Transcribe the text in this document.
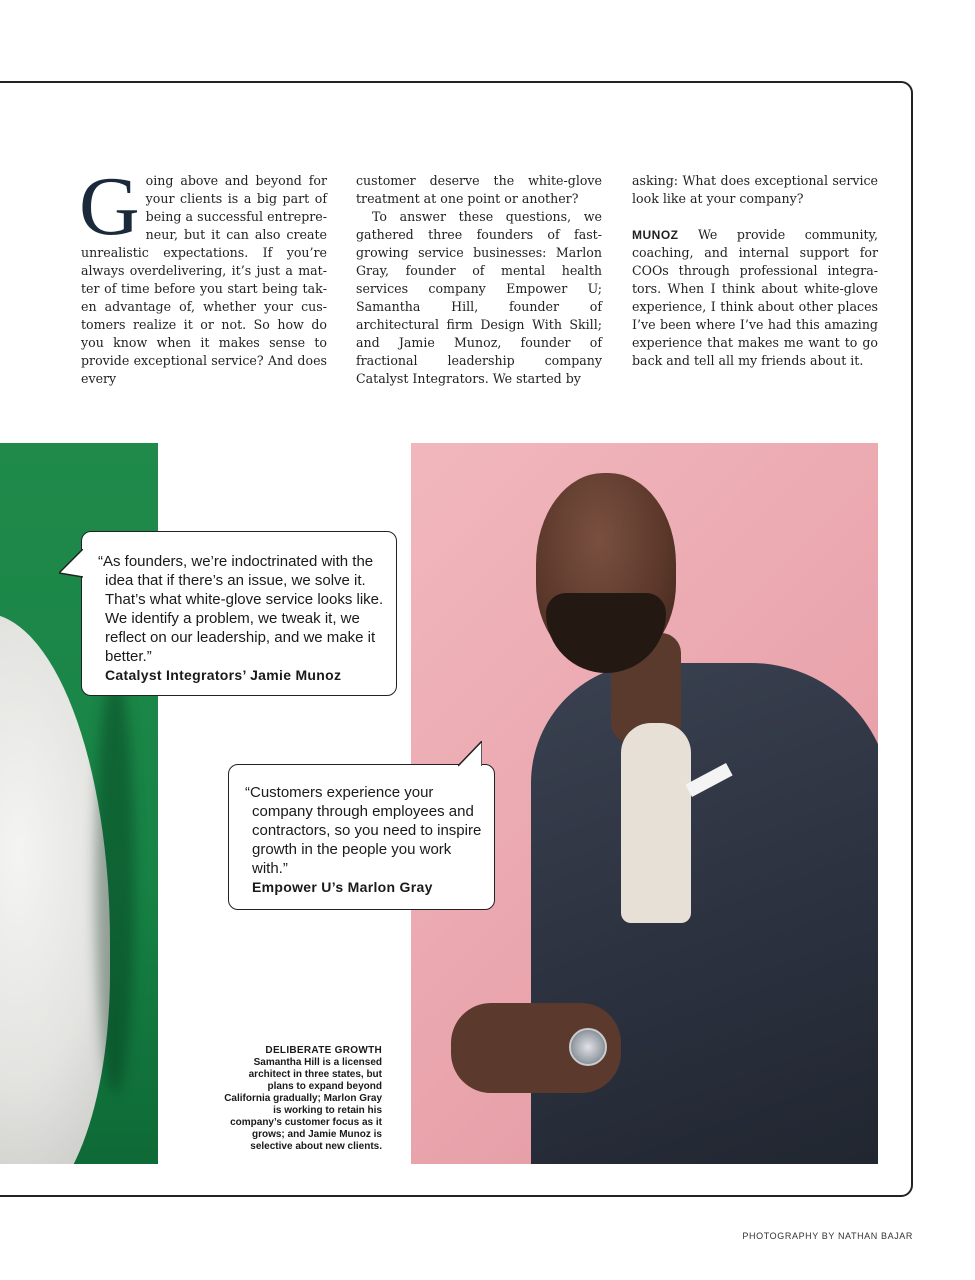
G oing above and beyond for your clients is a big part of being a successful entrepreneur, but it can also create unrealistic expectations. If you’re always overdelivering, it’s just a matter of time before you start being taken advantage of, whether your customers realize it or not. So how do you know when it makes sense to provide exceptional service? And does every

customer deserve the white-glove treatment at one point or another?

To answer these questions, we gathered three founders of fast-growing service businesses: Marlon Gray, founder of mental health services company Empower U; Samantha Hill, founder of architectural firm Design With Skill; and Jamie Munoz, founder of fractional leadership company Catalyst Integrators. We started by

asking: What does exceptional service look like at your company?

MUNOZ We provide community, coaching, and internal support for COOs through professional integrators. When I think about white-glove experience, I think about other places I’ve been where I’ve had this amazing experience that makes me want to go back and tell all my friends about it.

“As founders, we’re indoctrinated with the idea that if there’s an issue, we solve it. That’s what white-glove service looks like. We identify a problem, we tweak it, we reflect on our leadership, and we make it better.”

Catalyst Integrators’ Jamie Munoz

“Customers experience your company through employees and contractors, so you need to inspire growth in the people you work with.”

Empower U’s Marlon Gray
DELIBERATE GROWTH
Samantha Hill is a licensed architect in three states, but plans to expand beyond California gradually; Marlon Gray is working to retain his company’s customer focus as it grows; and Jamie Munoz is selective about new clients.
PHOTOGRAPHY BY NATHAN BAJAR
